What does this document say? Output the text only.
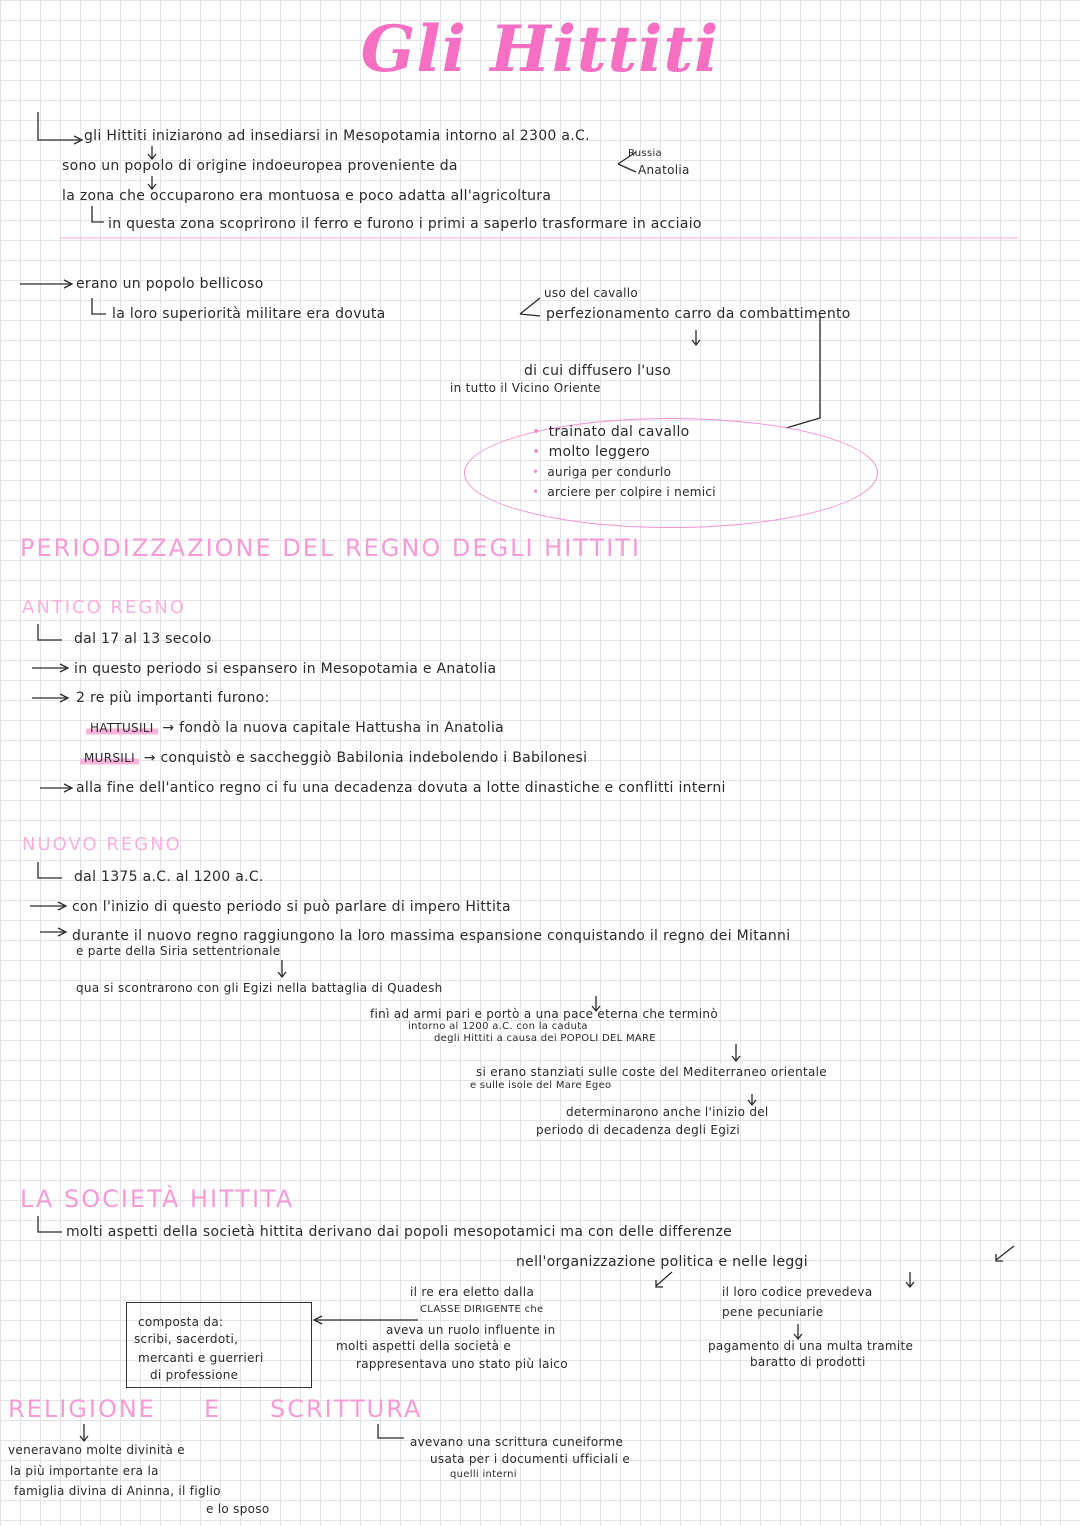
Gli Hittiti
gli Hittiti iniziarono ad insediarsi in Mesopotamia intorno al 2300 a.C.
sono un popolo di origine indoeuropea proveniente da
Russia
Anatolia
la zona che occuparono era montuosa e poco adatta all'agricoltura
in questa zona scoprirono il ferro e furono i primi a saperlo trasformare in acciaio
erano un popolo bellicoso
la loro superiorità militare era dovuta
uso del cavallo
perfezionamento carro da combattimento
di cui diffusero l'uso
in tutto il Vicino Oriente
• trainato dal cavallo
• molto leggero
• auriga per condurlo
• arciere per colpire i nemici
PERIODIZZAZIONE DEL REGNO DEGLI HITTITI
ANTICO REGNO
dal 17 al 13 secolo
in questo periodo si espansero in Mesopotamia e Anatolia
2 re più importanti furono:
HATTUSILI → fondò la nuova capitale Hattusha in Anatolia
MURSILI → conquistò e saccheggiò Babilonia indebolendo i Babilonesi
alla fine dell'antico regno ci fu una decadenza dovuta a lotte dinastiche e conflitti interni
NUOVO REGNO
dal 1375 a.C. al 1200 a.C.
con l'inizio di questo periodo si può parlare di impero Hittita
durante il nuovo regno raggiungono la loro massima espansione conquistando il regno dei Mitanni
e parte della Siria settentrionale
qua si scontrarono con gli Egizi nella battaglia di Quadesh
finì ad armi pari e portò a una pace eterna che terminò
intorno al 1200 a.C. con la caduta
degli Hittiti a causa dei POPOLI DEL MARE
si erano stanziati sulle coste del Mediterraneo orientale
e sulle isole del Mare Egeo
determinarono anche l'inizio del
periodo di decadenza degli Egizi
LA SOCIETÀ HITTITA
molti aspetti della società hittita derivano dai popoli mesopotamici ma con delle differenze
nell'organizzazione politica e nelle leggi
il re era eletto dalla
CLASSE DIRIGENTE che
aveva un ruolo influente in
molti aspetti della società e
rappresentava uno stato più laico
composta da:
scribi, sacerdoti,
mercanti e guerrieri
di professione
il loro codice prevedeva
pene pecuniarie
pagamento di una multa tramite
baratto di prodotti
RELIGIONE E SCRITTURA
veneravano molte divinità e
la più importante era la
famiglia divina di Aninna, il figlio
e lo sposo
avevano una scrittura cuneiforme
usata per i documenti ufficiali e
quelli interni
